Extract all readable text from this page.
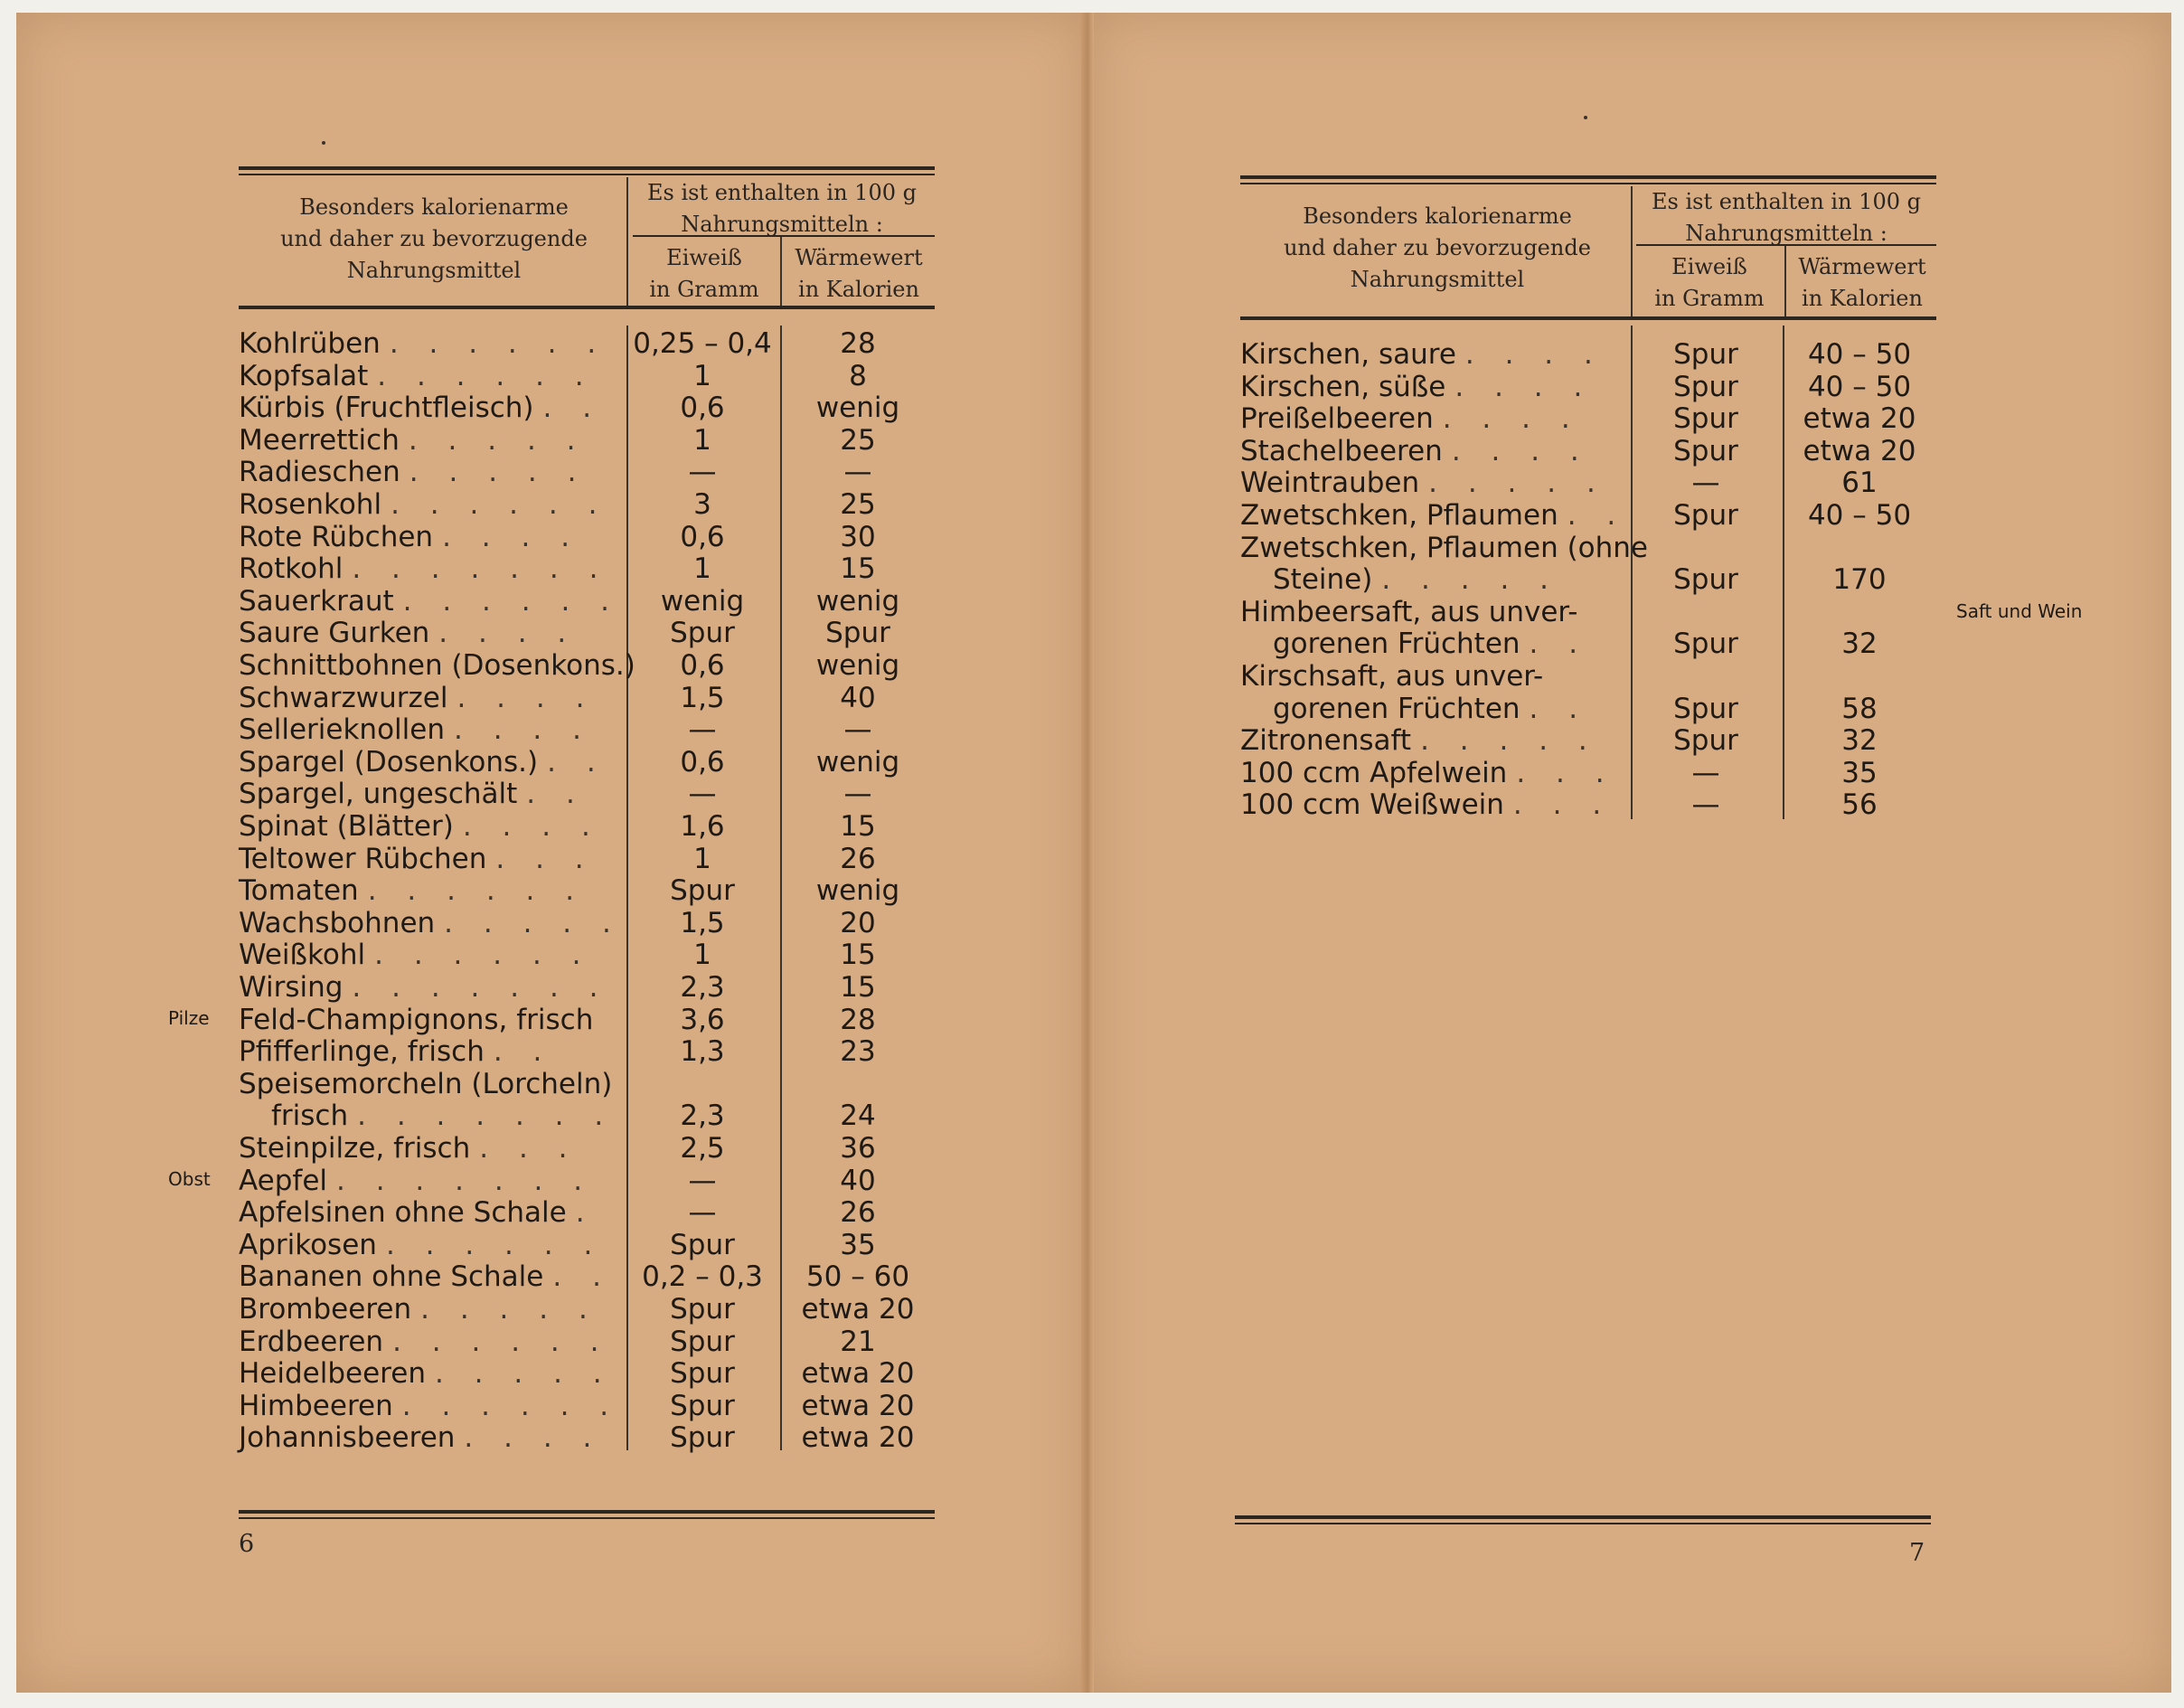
Besonders kalorienarme
und daher zu bevorzugende
Nahrungsmittel
Es ist enthalten in 100 g
Nahrungsmitteln :
Eiweiß
in Gramm
Wärmewert
in Kalorien
Kohlrüben . . . . . . 0,25 – 0,4	28
Kopfsalat . . . . . .	1	8
Kürbis (Fruchtfleisch) . .	0,6	wenig
Meerrettich . . . . .	1	25
Radieschen . . . . .	—	—
Rosenkohl . . . . . .	3	25
Rote Rübchen . . . .	0,6	30
Rotkohl . . . . . . .	1	15
Sauerkraut . . . . . .	wenig	wenig
Saure Gurken . . . .	Spur	Spur
Schnittbohnen (Dosenkons.)	0,6	wenig
Schwarzwurzel . . . .	1,5	40
Sellerieknollen . . . .	—	—
Spargel (Dosenkons.) . .	0,6	wenig
Spargel, ungeschält . .	—	—
Spinat (Blätter) . . . .	1,6	15
Teltower Rübchen . . .	1	26
Tomaten . . . . . .	Spur	wenig
Wachsbohnen . . . . .	1,5	20
Weißkohl . . . . . .	1	15
Wirsing . . . . . . .	2,3	15
Feld-Champignons, frisch	3,6	28
Pfifferlinge, frisch . .	1,3	23
Speisemorcheln (Lorcheln)
frisch . . . . . . .	2,3	24
Steinpilze, frisch . . .	2,5	36
Aepfel . . . . . . .	—	40
Apfelsinen ohne Schale .	—	26
Aprikosen . . . . . .	Spur	35
Bananen ohne Schale . .	0,2 – 0,3	50 – 60
Brombeeren . . . . .	Spur	etwa 20
Erdbeeren . . . . . .	Spur	21
Heidelbeeren . . . . .	Spur	etwa 20
Himbeeren . . . . . .	Spur	etwa 20
Johannisbeeren . . . .	Spur	etwa 20
Pilze
Obst
6
Besonders kalorienarme
und daher zu bevorzugende
Nahrungsmittel
Es ist enthalten in 100 g
Nahrungsmitteln :
Eiweiß
in Gramm
Wärmewert
in Kalorien
Kirschen, saure . . . .	Spur	40 – 50
Kirschen, süße . . . .	Spur	40 – 50
Preißelbeeren . . . .	Spur	etwa 20
Stachelbeeren . . . .	Spur	etwa 20
Weintrauben . . . . .	—	61
Zwetschken, Pflaumen . .	Spur	40 – 50
Zwetschken, Pflaumen (ohne
Steine) . . . . .	Spur	170
Himbeersaft, aus unver-
gorenen Früchten . .	Spur	32
Kirschsaft, aus unver-
gorenen Früchten . .	Spur	58
Zitronensaft . . . . .	Spur	32
100 ccm Apfelwein . . .	—	35
100 ccm Weißwein . . .	—	56
Saft und Wein
7
